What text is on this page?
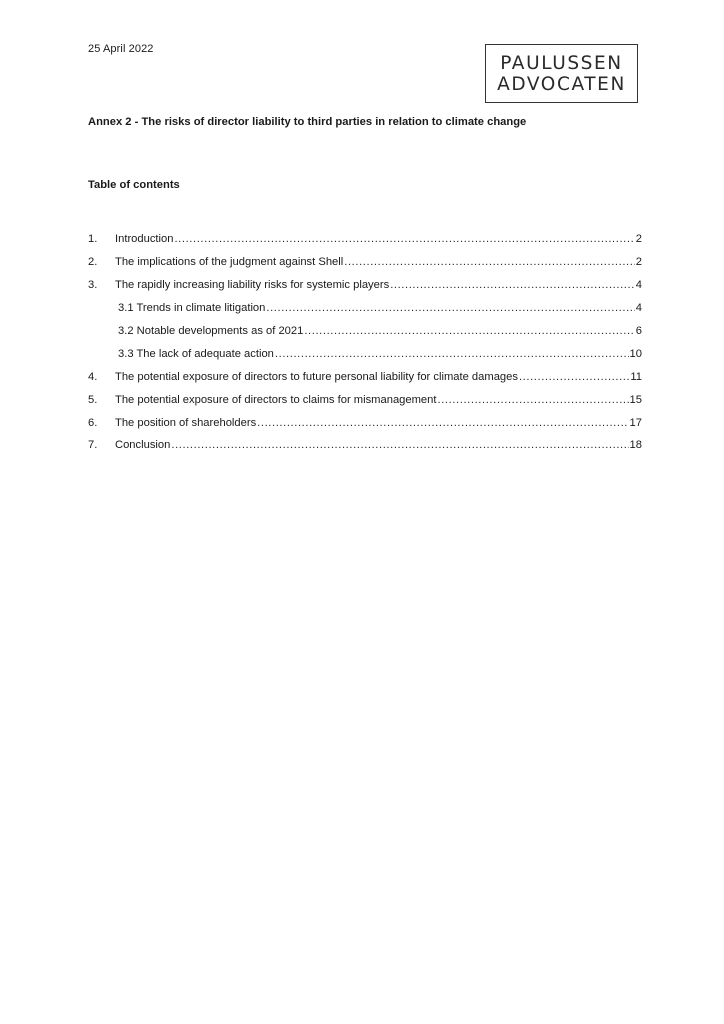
25 April 2022
PAULUSSEN
ADVOCATEN
Annex 2 - The risks of director liability to third parties in relation to climate change
Table of contents
1.	Introduction .....	2
2.	The implications of the judgment against Shell .....	2
3.	The rapidly increasing liability risks for systemic players .....	4
3.1 Trends in climate litigation .....	4
3.2 Notable developments as of 2021 .....	6
3.3 The lack of adequate action .....	10
4.	The potential exposure of directors to future personal liability for climate damages .....	11
5.	The potential exposure of directors to claims for mismanagement .....	15
6.	The position of shareholders .....	17
7.	Conclusion .....	18
